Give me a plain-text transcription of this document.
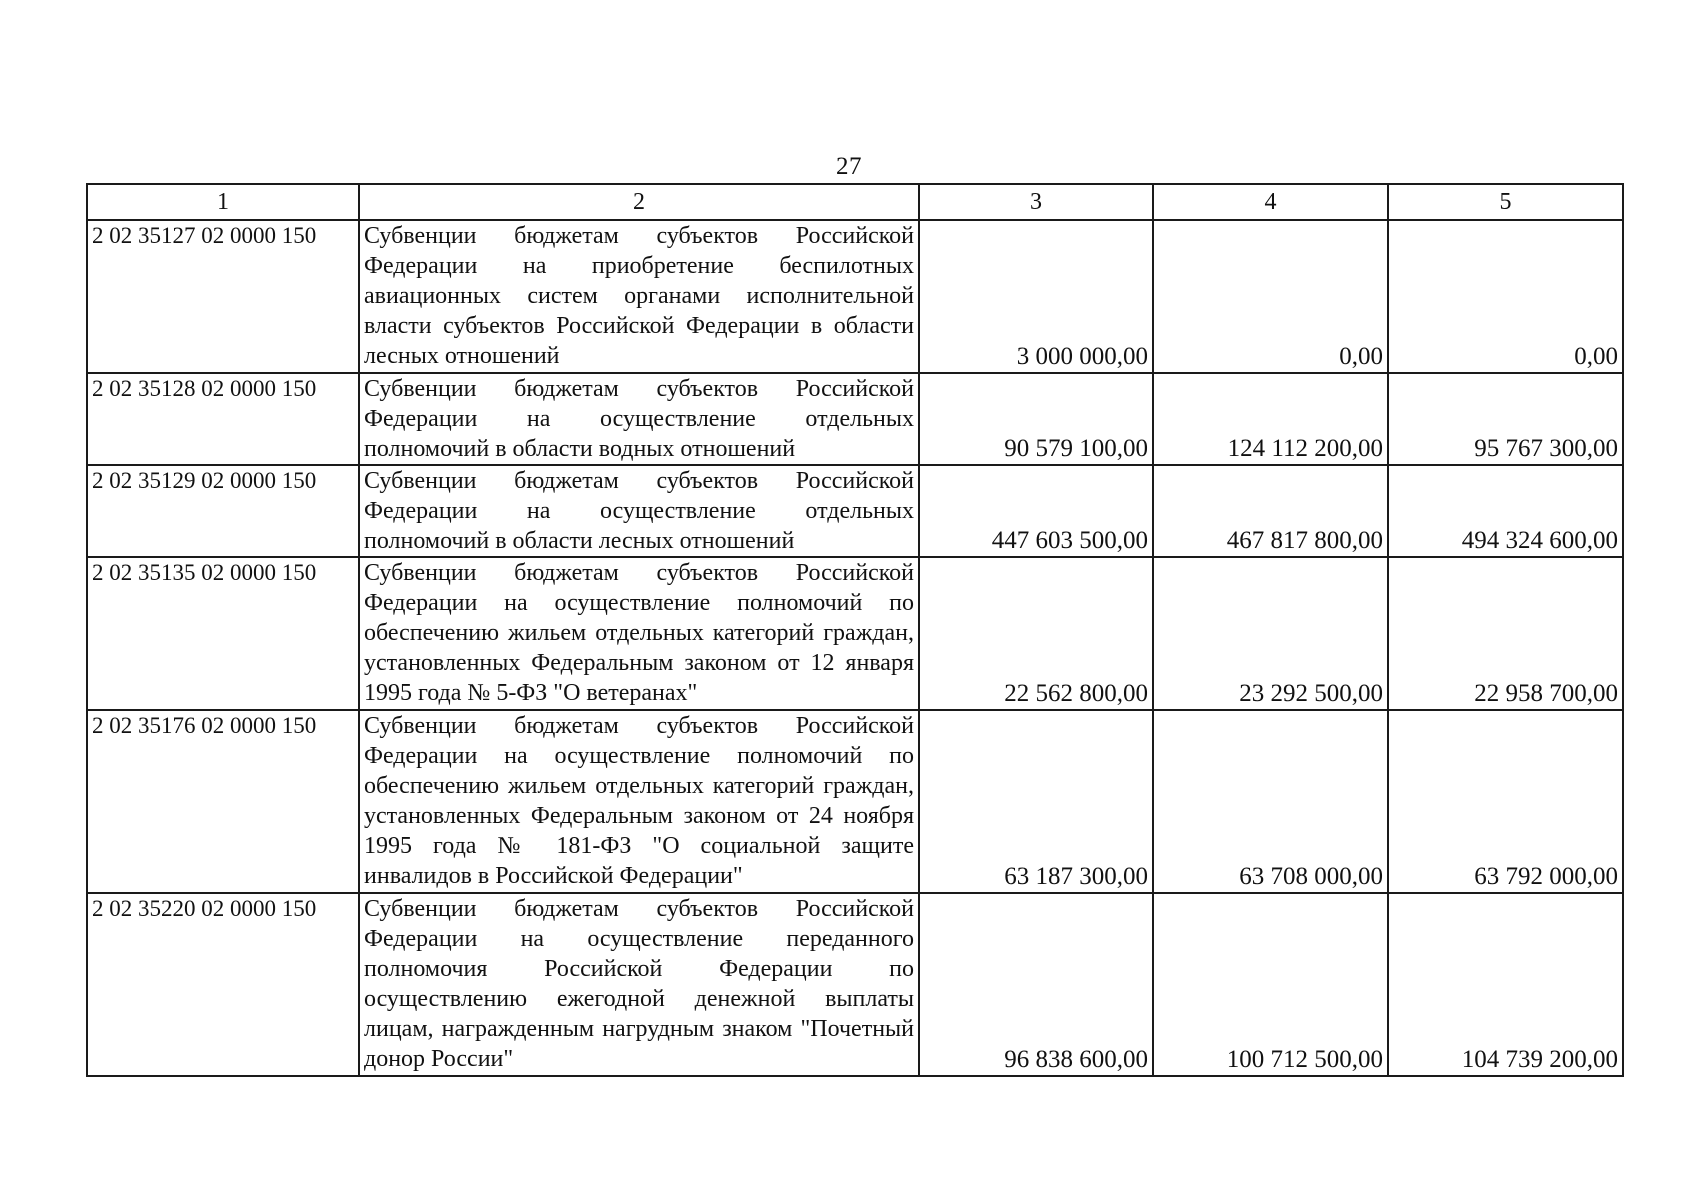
27
1	2	3	4	5
2 02 35127 02 0000 150	Субвенции бюджетам субъектов Российской Федерации на приобретение беспилотных авиационных систем органами исполнительной власти субъектов Российской Федерации в области лесных отношений	3 000 000,00	0,00	0,00
2 02 35128 02 0000 150	Субвенции бюджетам субъектов Российской Федерации на осуществление отдельных полномочий в области водных отношений	90 579 100,00	124 112 200,00	95 767 300,00
2 02 35129 02 0000 150	Субвенции бюджетам субъектов Российской Федерации на осуществление отдельных полномочий в области лесных отношений	447 603 500,00	467 817 800,00	494 324 600,00
2 02 35135 02 0000 150	Субвенции бюджетам субъектов Российской Федерации на осуществление полномочий по обеспечению жильем отдельных категорий граждан, установленных Федеральным законом от 12 января 1995 года № 5-ФЗ "О ветеранах"	22 562 800,00	23 292 500,00	22 958 700,00
2 02 35176 02 0000 150	Субвенции бюджетам субъектов Российской Федерации на осуществление полномочий по обеспечению жильем отдельных категорий граждан, установленных Федеральным законом от 24 ноября 1995 года № 181-ФЗ "О социальной защите инвалидов в Российской Федерации"	63 187 300,00	63 708 000,00	63 792 000,00
2 02 35220 02 0000 150	Субвенции бюджетам субъектов Российской Федерации на осуществление переданного полномочия Российской Федерации по осуществлению ежегодной денежной выплаты лицам, награжденным нагрудным знаком "Почетный донор России"	96 838 600,00	100 712 500,00	104 739 200,00
